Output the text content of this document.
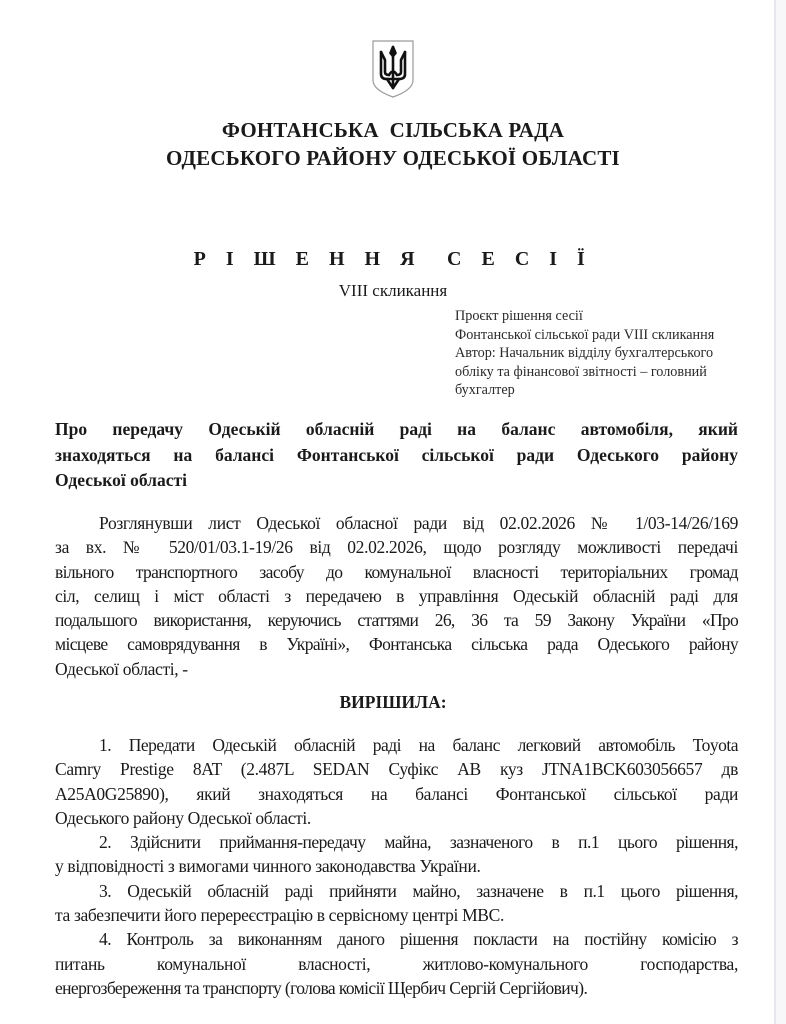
ФОНТАНСЬКА  СІЛЬСЬКА РАДА
ОДЕСЬКОГО РАЙОНУ ОДЕСЬКОЇ ОБЛАСТІ
Р І Ш Е Н Н Я  С Е С І Ї
VIII скликання
Проєкт рішення сесії
Фонтанської сільської ради VIII скликання
Автор: Начальник відділу бухгалтерського
обліку та фінансової звітності – головний
бухгалтер
Про передачу Одеській обласній раді на баланс автомобіля, який
знаходяться на балансі Фонтанської сільської ради Одеського району
Одеської області
Розглянувши лист Одеської обласної ради від 02.02.2026 № 1/03-14/26/169
за вх. № 520/01/03.1-19/26 від 02.02.2026, щодо розгляду можливості передачі
вільного транспортного засобу до комунальної власності територіальних громад
сіл, селищ і міст області з передачею в управління Одеській обласній раді для
подальшого використання, керуючись статтями 26, 36 та 59 Закону України «Про
місцеве самоврядування в Україні», Фонтанська сільська рада Одеського району
Одеської області, -
ВИРІШИЛА:
1. Передати Одеській обласній раді на баланс легковий автомобіль Toyota
Camry Prestige 8AT (2.487L SEDAN Суфікс AB куз JTNA1BCK603056657 дв
A25A0G25890), який знаходяться на балансі Фонтанської сільської ради
Одеського району Одеської області.
2. Здійснити приймання-передачу майна, зазначеного в п.1 цього рішення,
у відповідності з вимогами чинного законодавства України.
3. Одеській обласній раді прийняти майно, зазначене в п.1 цього рішення,
та забезпечити його перереєстрацію в сервісному центрі МВС.
4. Контроль за виконанням даного рішення покласти на постійну комісію з
питань комунальної власності, житлово-комунального господарства,
енергозбереження та транспорту (голова комісії Щербич Сергій Сергійович).
